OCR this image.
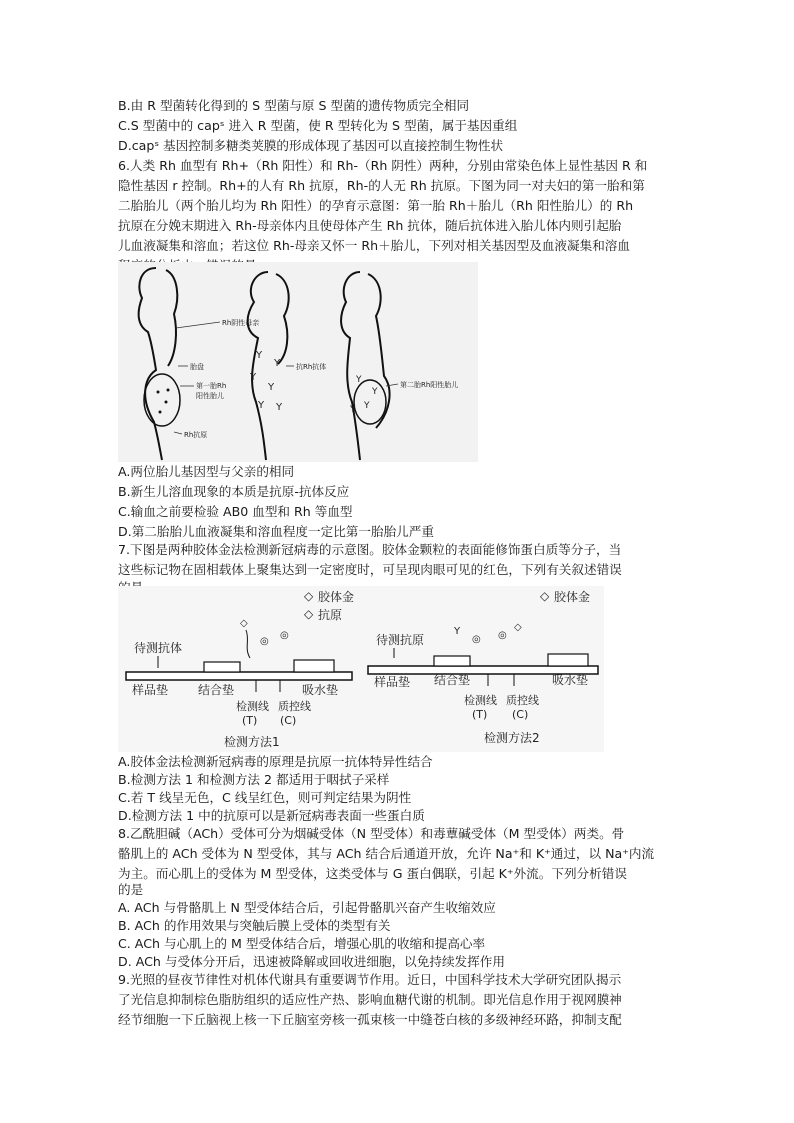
B.由 R 型菌转化得到的 S 型菌与原 S 型菌的遗传物质完全相同
C.S 型菌中的 capˢ 进入 R 型菌，使 R 型转化为 S 型菌，属于基因重组
D.capˢ 基因控制多糖类荚膜的形成体现了基因可以直接控制生物性状
6.人类 Rh 血型有 Rh+（Rh 阳性）和 Rh-（Rh 阴性）两种，分别由常染色体上显性基因 R 和
隐性基因 r 控制。Rh+的人有 Rh 抗原，Rh-的人无 Rh 抗原。下图为同一对夫妇的第一胎和第
二胎胎儿（两个胎儿均为 Rh 阳性）的孕育示意图：第一胎 Rh＋胎儿（Rh 阳性胎儿）的 Rh
抗原在分娩末期进入 Rh-母亲体内且使母体产生 Rh 抗体，随后抗体进入胎儿体内则引起胎
儿血液凝集和溶血；若这位 Rh-母亲又怀一 Rh＋胎儿，下列对相关基因型及血液凝集和溶血
Rh阴性母亲
胎盘
第一胎Rh
阳性胎儿
Rh抗原
Y
Y
Y
Y
Y Y
抗Rh抗体
Y
Y
Y
Y
第二胎Rh阳性胎儿
A.两位胎儿基因型与父亲的相同
B.新生儿溶血现象的本质是抗原-抗体反应
C.输血之前要检验 AB0 血型和 Rh 等血型
D.第二胎胎儿血液凝集和溶血程度一定比第一胎胎儿严重
7.下图是两种胶体金法检测新冠病毒的示意图。胶体金颗粒的表面能修饰蛋白质等分子，当
这些标记物在固相载体上聚集达到一定密度时，可呈现肉眼可见的红色，下列有关叙述错误
◇ 胶体金
◇ 抗原
◇ 胶体金
待测抗体
◇
◎
◎
样品垫 结合垫	吸水垫
检测线 质控线
(T) (C)
检测方法1
待测抗原
Y
◎ ◎
◇
样品垫 结合垫	吸水垫
检测线 质控线
(T) (C)
检测方法2
A.胶体金法检测新冠病毒的原理是抗原一抗体特异性结合
B.检测方法 1 和检测方法 2 都适用于咽拭子采样
C.若 T 线呈无色，C 线呈红色，则可判定结果为阴性
D.检测方法 1 中的抗原可以是新冠病毒表面一些蛋白质
8.乙酰胆碱（ACh）受体可分为烟碱受体（N 型受体）和毒蕈碱受体（M 型受体）两类。骨
骼肌上的 ACh 受体为 N 型受体，其与 ACh 结合后通道开放，允许 Na⁺和 K⁺通过，以 Na⁺内流
为主。而心肌上的受体为 M 型受体，这类受体与 G 蛋白偶联，引起 K⁺外流。下列分析错误
的是
A. ACh 与骨骼肌上 N 型受体结合后，引起骨骼肌兴奋产生收缩效应
B. ACh 的作用效果与突触后膜上受体的类型有关
C. ACh 与心肌上的 M 型受体结合后，增强心肌的收缩和提高心率
D. ACh 与受体分开后，迅速被降解或回收进细胞，以免持续发挥作用
9.光照的昼夜节律性对机体代谢具有重要调节作用。近日，中国科学技术大学研究团队揭示
了光信息抑制棕色脂肪组织的适应性产热、影响血糖代谢的机制。即光信息作用于视网膜神
经节细胞一下丘脑视上核一下丘脑室旁核一孤束核一中缝苍白核的多级神经环路，抑制支配
